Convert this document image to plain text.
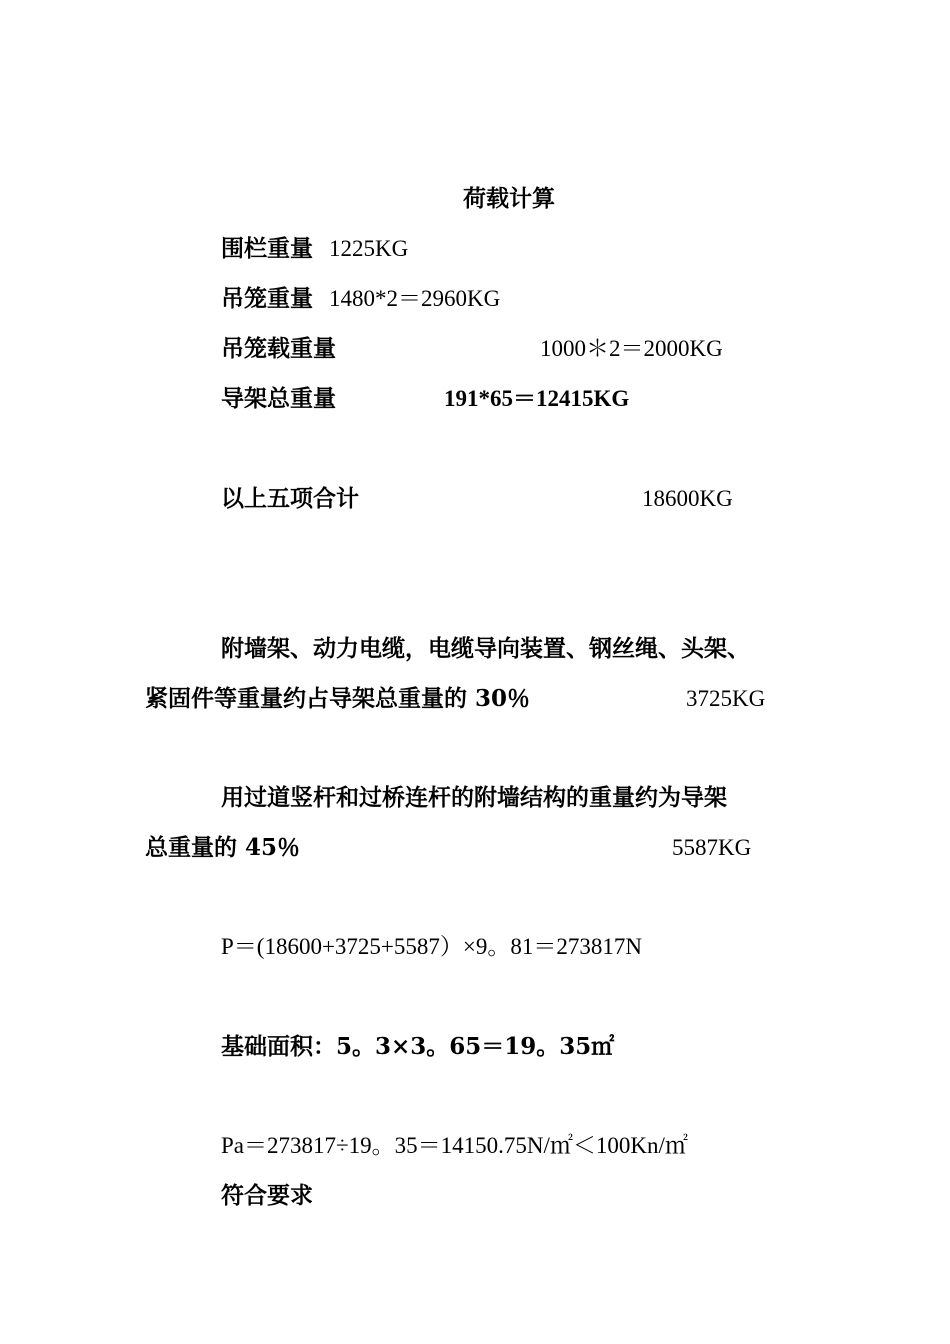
荷载计算
围栏重量 1225KG
吊笼重量 1480*2＝2960KG
吊笼载重量	1000＊2＝2000KG
导架总重量	191*65＝12415KG
以上五项合计	18600KG
附墙架、动力电缆，电缆导向装置、钢丝绳、头架、
紧固件等重量约占导架总重量的 30％	3725KG
用过道竖杆和过桥连杆的附墙结构的重量约为导架
总重量的 45％	5587KG
P＝(18600+3725+5587）×9。81＝273817N
基础面积：5。3×3。65＝19。35㎡
Pa＝273817÷19。35＝14150.75N/㎡＜100Kn/㎡
符合要求
